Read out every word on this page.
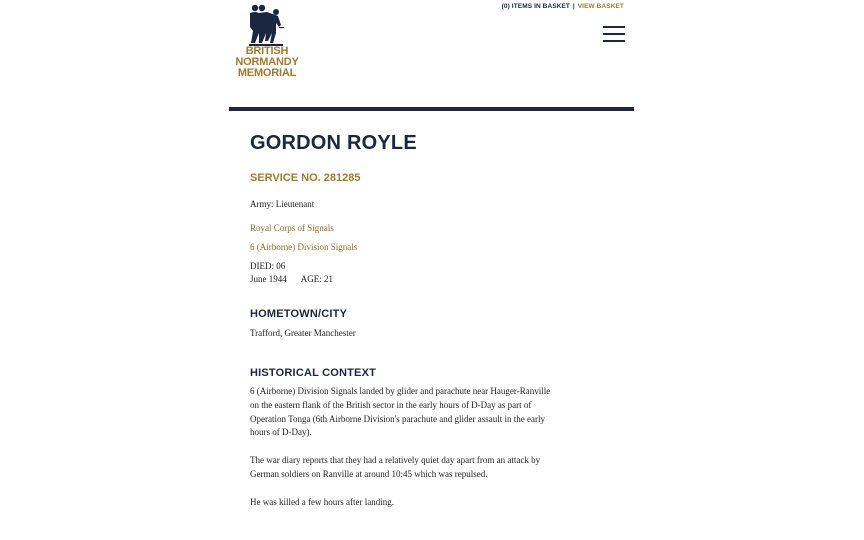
BRITISH
NORMANDY
MEMORIAL
(0) ITEMS IN BASKET | VIEW BASKET
GORDON ROYLE
SERVICE NO. 281285
Army: Lieutenant
Royal Corps of Signals
6 (Airborne) Division Signals
DIED: 06
June 1944 AGE: 21
HOMETOWN/CITY
Trafford, Greater Manchester
HISTORICAL CONTEXT
6 (Airborne) Division Signals landed by glider and parachute near Hauger-Ranville on the eastern flank of the British sector in the early hours of D-Day as part of Operation Tonga (6th Airborne Division's parachute and glider assault in the early hours of D-Day).
The war diary reports that they had a relatively quiet day apart from an attack by German soldiers on Ranville at around 10:45 which was repulsed.
He was killed a few hours after landing.
